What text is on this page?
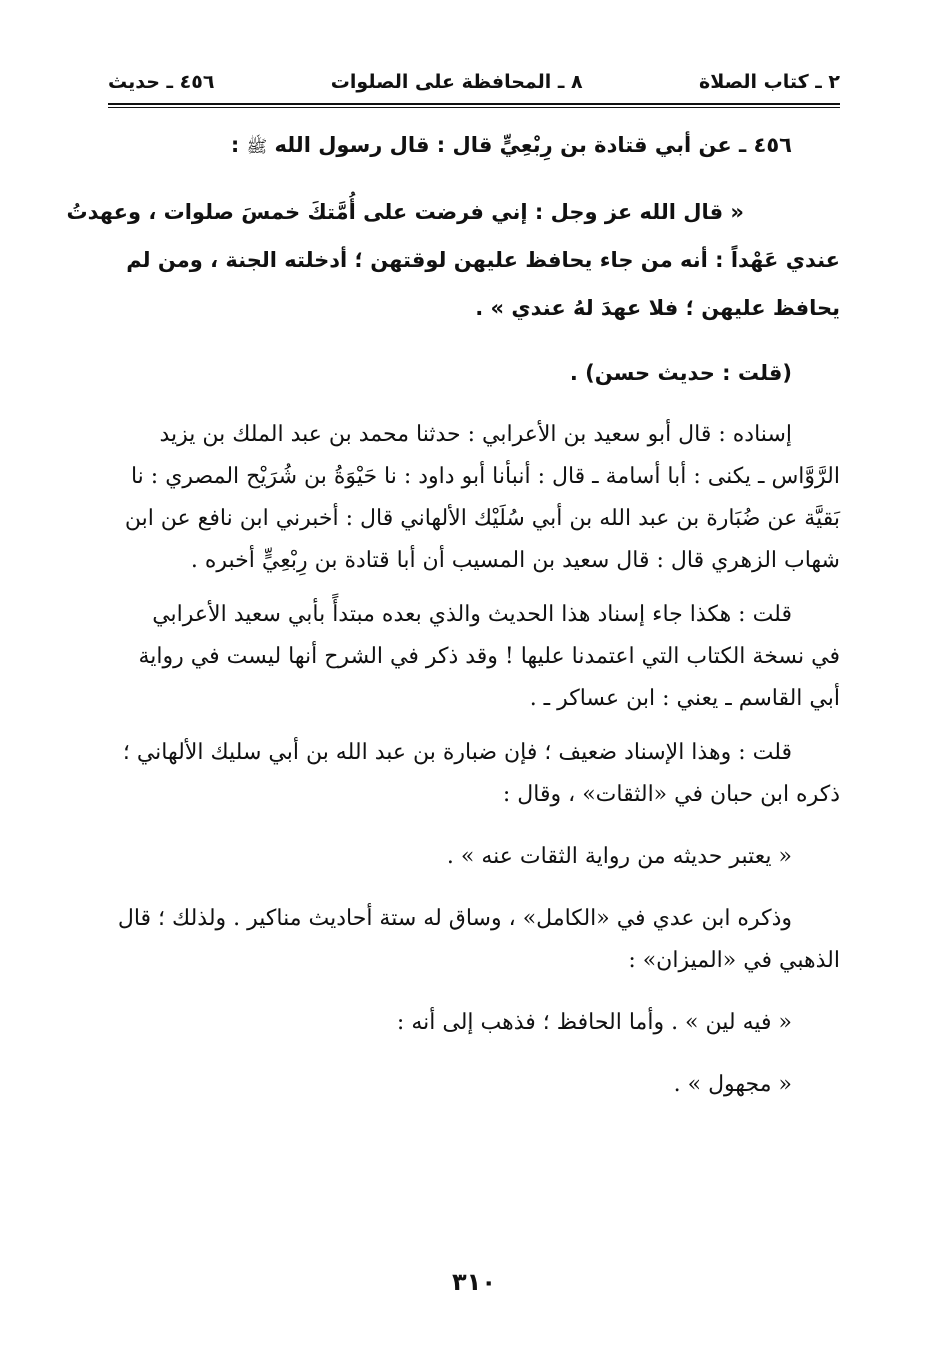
٢ ـ كتاب الصلاة
٨ ـ المحافظة على الصلوات
٤٥٦ ـ حديث

٤٥٦ ـ عن أبي قتادة بن رِبْعِيٍّ قال : قال رسول الله ﷺ :

« قال الله عز وجل : إني فرضت على أُمَّتكَ خمسَ صلوات ، وعهدتُ
عندي عَهْداً : أنه من جاء يحافظ عليهن لوقتهن ؛ أدخلته الجنة ، ومن لم
يحافظ عليهن ؛ فلا عهدَ لهُ عندي » .

(قلت : حديث حسن) .

إسناده : قال أبو سعيد بن الأعرابي : حدثنا محمد بن عبد الملك بن يزيد
الرَّوَّاس ـ يكنى : أبا أسامة ـ قال : أنبأنا أبو داود : نا حَيْوَةُ بن شُرَيْح المصري : نا
بَقيَّة عن ضُبَارة بن عبد الله بن أبي سُلَيْك الألهاني قال : أخبرني ابن نافع عن ابن
شهاب الزهري قال : قال سعيد بن المسيب أن أبا قتادة بن رِبْعِيٍّ أخبره .
قلت : هكذا جاء إسناد هذا الحديث والذي بعده مبتدأً بأبي سعيد الأعرابي
في نسخة الكتاب التي اعتمدنا عليها ! وقد ذكر في الشرح أنها ليست في رواية
أبي القاسم ـ يعني : ابن عساكر ـ .
قلت : وهذا الإسناد ضعيف ؛ فإن ضبارة بن عبد الله بن أبي سليك الألهاني ؛
ذكره ابن حبان في «الثقات» ، وقال :

« يعتبر حديثه من رواية الثقات عنه » .

وذكره ابن عدي في «الكامل» ، وساق له ستة أحاديث مناكير . ولذلك ؛ قال
الذهبي في «الميزان» :

« فيه لين » . وأما الحافظ ؛ فذهب إلى أنه :

« مجهول » .

٣١٠
